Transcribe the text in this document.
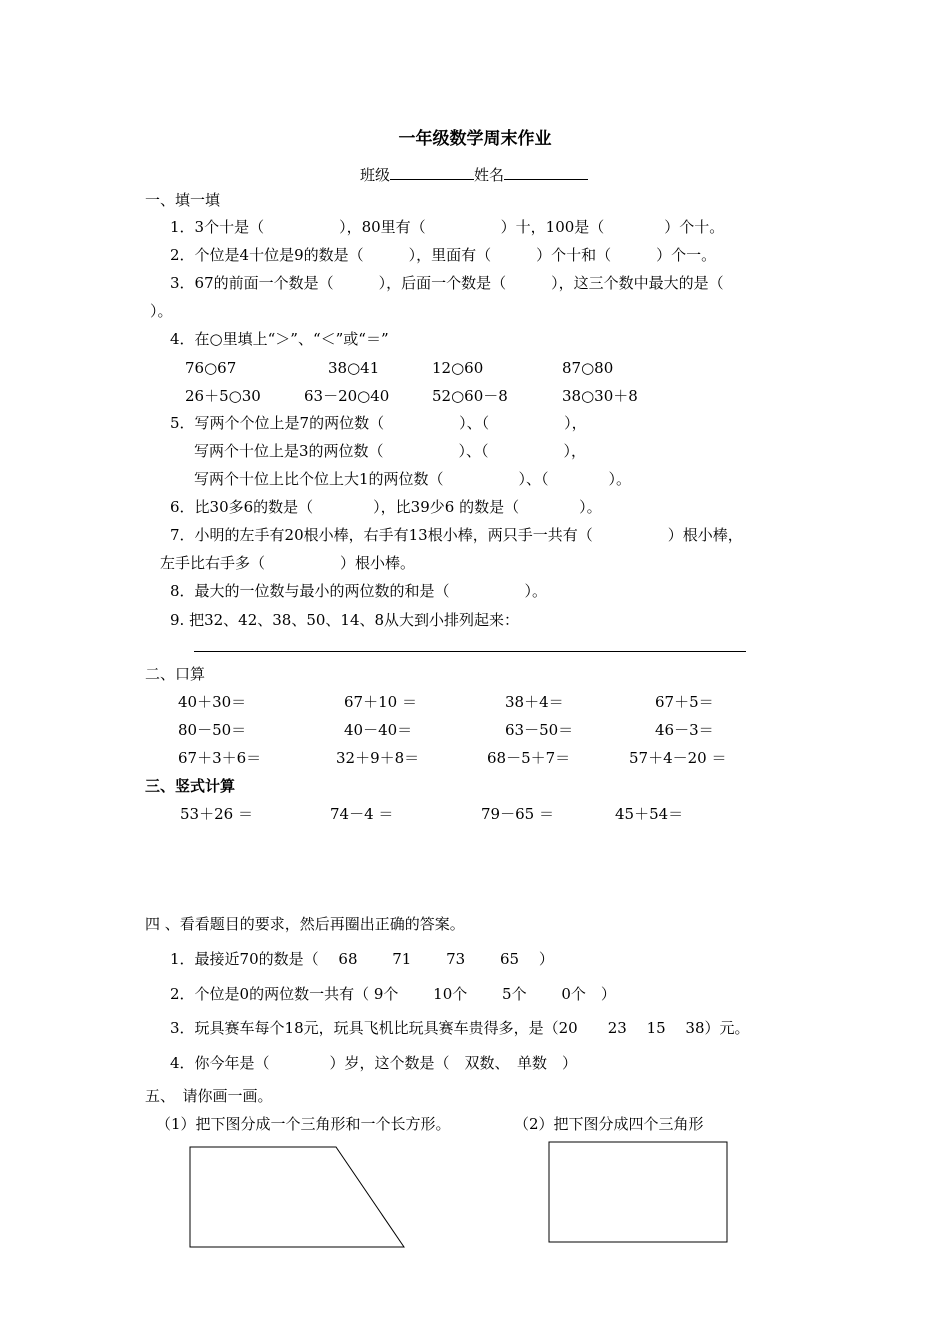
一年级数学周末作业
班级	姓名
一、填一填
1．3个十是（　　　　　），80里有（　　　　　）十，100是（　　　　）个十。
2．个位是4十位是9的数是（　　　），里面有（　　　）个十和（　　　）个一。
3．67的前面一个数是（　　　），后面一个数是（　　　），这三个数中最大的是（
）。
4．在○里填上“＞”、“＜”或“＝”
76○67	38○41	12○60	87○80
26＋5○30	63－20○40	52○60－8	38○30＋8
5．写两个个位上是7的两位数（　　　　　）、（　　　　　），
写两个十位上是3的两位数（　　　　　）、（　　　　　），
写两个十位上比个位上大1的两位数（　　　　　）、（　　　　）。
6．比30多6的数是（　　　　），比39少6 的数是（　　　　）。
7．小明的左手有20根小棒，右手有13根小棒，两只手一共有（　　　　　）根小棒，
左手比右手多（　　　　　）根小棒。
8．最大的一位数与最小的两位数的和是（　　　　　）。
9. 把32、42、38、50、14、8从大到小排列起来：
二、口算
40＋30＝	67＋10 ＝	38＋4＝	67＋5＝
80－50＝	40－40＝	63－50＝	46－3＝
67＋3＋6＝	32＋9＋8＝	68－5＋7＝	57＋4－20 ＝
三、竖式计算
53＋26 ＝	74－4 ＝	79－65 ＝	45＋54＝
四 、看看题目的要求，然后再圈出正确的答案。
1．最接近70的数是（　 68　　 71　　 73　　 65　 ）
2．个位是0的两位数一共有（ 9个　　 10个　　 5个　　 0个　）
3．玩具赛车每个18元，玩具飞机比玩具赛车贵得多，是（20　　23　 15　 38）元。
4．你今年是（　　　　）岁，这个数是（　双数、　单数　）
五、　请你画一画。
（1）把下图分成一个三角形和一个长方形。	（2）把下图分成四个三角形
